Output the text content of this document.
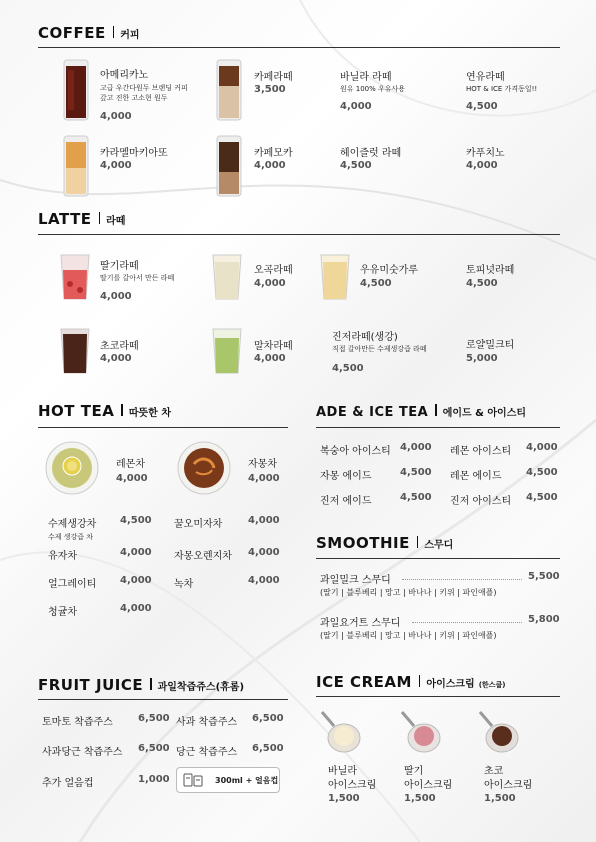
COFFEE 커피
아메리카노
고급 우간다원두 브랜딩 커피
갚고 진한 고소현 원두
4,000
카페라떼
3,500
바닐라 라떼
원유 100% 우유사용
4,000
연유라떼
HOT & ICE 가격동일!!
4,500
카라멜마키아또
4,000
카페모카
4,000
헤이즐럿 라떼
4,500
카푸치노
4,000
LATTE 라떼
딸기라떼
딸기를 갈아서 만든 라떼
4,000
오곡라떼
4,000
우유미숫가루
4,500
토피넛라떼
4,500
초코라떼
4,000
말차라떼
4,000
진저라떼(생강)
직접 갈아만든 수제생강즙 라떼
4,500
로얄밀크티
5,000
HOT TEA 따뜻한 차
레몬차
4,000
자몽차
4,000
수제생강차
수제 생강즙 차
4,500 꿀오미자차	4,000
유자차	4,000 자몽오렌지차 4,000
얼그레이티 4,000 녹차	4,000
청귤차	4,000
ADE & ICE TEA 에이드 & 아이스티
복숭아 아이스티 4,000 레몬 아이스티 4,000
자몽 에이드	4,500 레몬 에이드 4,500
진저 에이드	4,500 진저 아이스티 4,500
SMOOTHIE 스무디
과일밀크 스무디	5,500
(딸기 | 블루베리 | 망고 | 바나나 | 키위 | 파인애플)
과일요거트 스무디	5,800
(딸기 | 블루베리 | 망고 | 바나나 | 키위 | 파인애플)
FRUIT JUICE 과일착즙쥬스(휴롬)
토마토 착즙주스	6,500 사과 착즙주스 6,500
사과당근 착즙주스 6,500 당근 착즙주스 6,500
추가 얼음컵	1,000	300ml + 얼음컵
ICE CREAM 아이스크림 (한스쿱)
바닐라
아이스크림
1,500
딸기
아이스크림
1,500
초코
아이스크림
1,500
